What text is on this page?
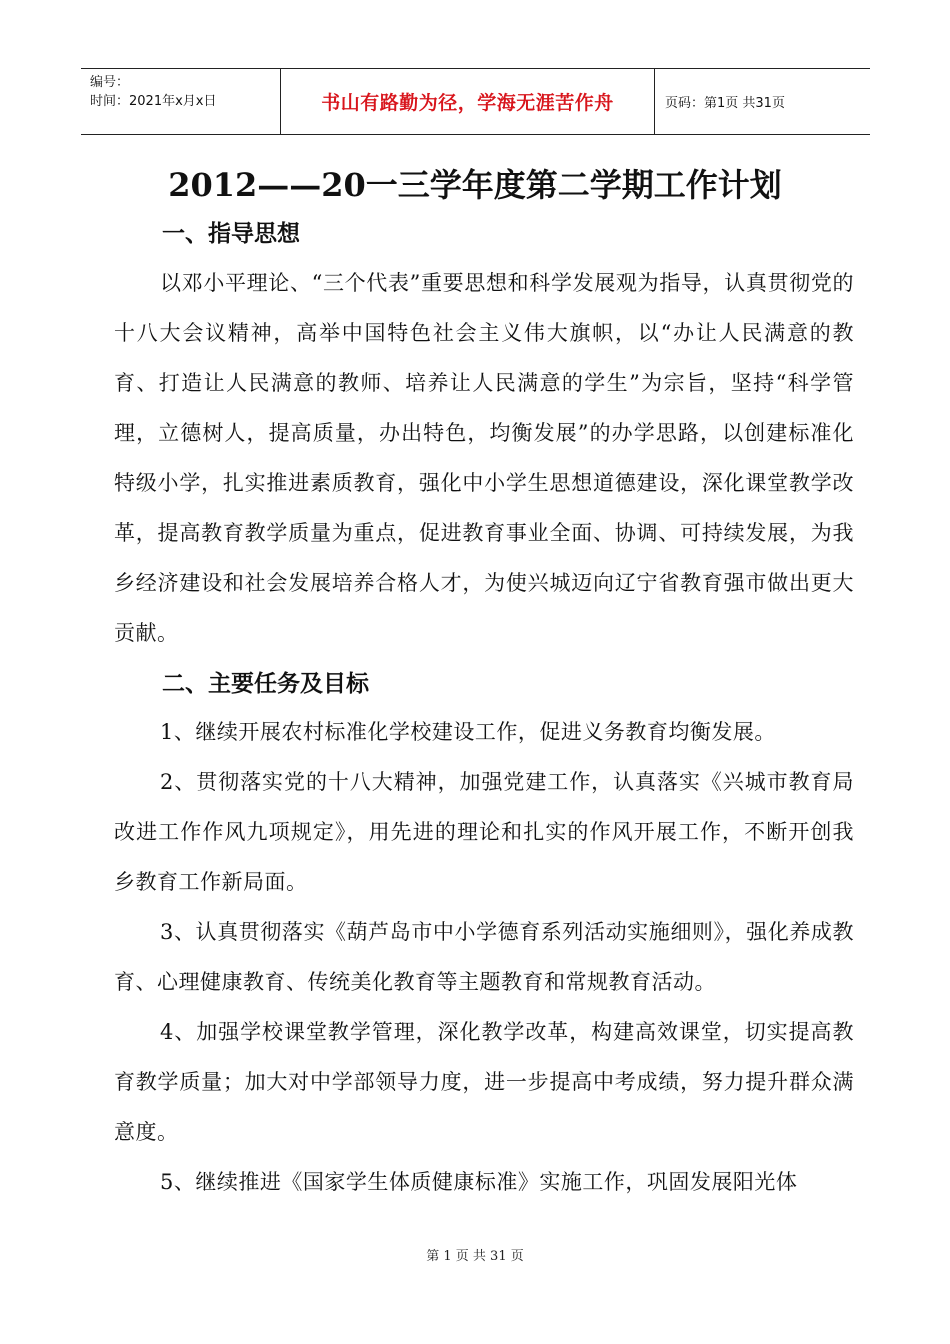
编号：
时间：2021年x月x日	书山有路勤为径，学海无涯苦作舟	页码：第1页 共31页
2012——20一三学年度第二学期工作计划
一、指导思想

以邓小平理论、“三个代表”重要思想和科学发展观为指导，认真贯彻党的十八大会议精神，高举中国特色社会主义伟大旗帜，以“办让人民满意的教育、打造让人民满意的教师、培养让人民满意的学生”为宗旨，坚持“科学管理，立德树人，提高质量，办出特色，均衡发展”的办学思路，以创建标准化特级小学，扎实推进素质教育，强化中小学生思想道德建设，深化课堂教学改革，提高教育教学质量为重点，促进教育事业全面、协调、可持续发展，为我乡经济建设和社会发展培养合格人才，为使兴城迈向辽宁省教育强市做出更大贡献。

二、主要任务及目标

1、继续开展农村标准化学校建设工作，促进义务教育均衡发展。

2、贯彻落实党的十八大精神，加强党建工作，认真落实《兴城市教育局改进工作作风九项规定》，用先进的理论和扎实的作风开展工作，不断开创我乡教育工作新局面。

3、认真贯彻落实《葫芦岛市中小学德育系列活动实施细则》，强化养成教育、心理健康教育、传统美化教育等主题教育和常规教育活动。

4、加强学校课堂教学管理，深化教学改革，构建高效课堂，切实提高教育教学质量；加大对中学部领导力度，进一步提高中考成绩，努力提升群众满意度。

5、继续推进《国家学生体质健康标准》实施工作，巩固发展阳光体

第 1 页 共 31 页
